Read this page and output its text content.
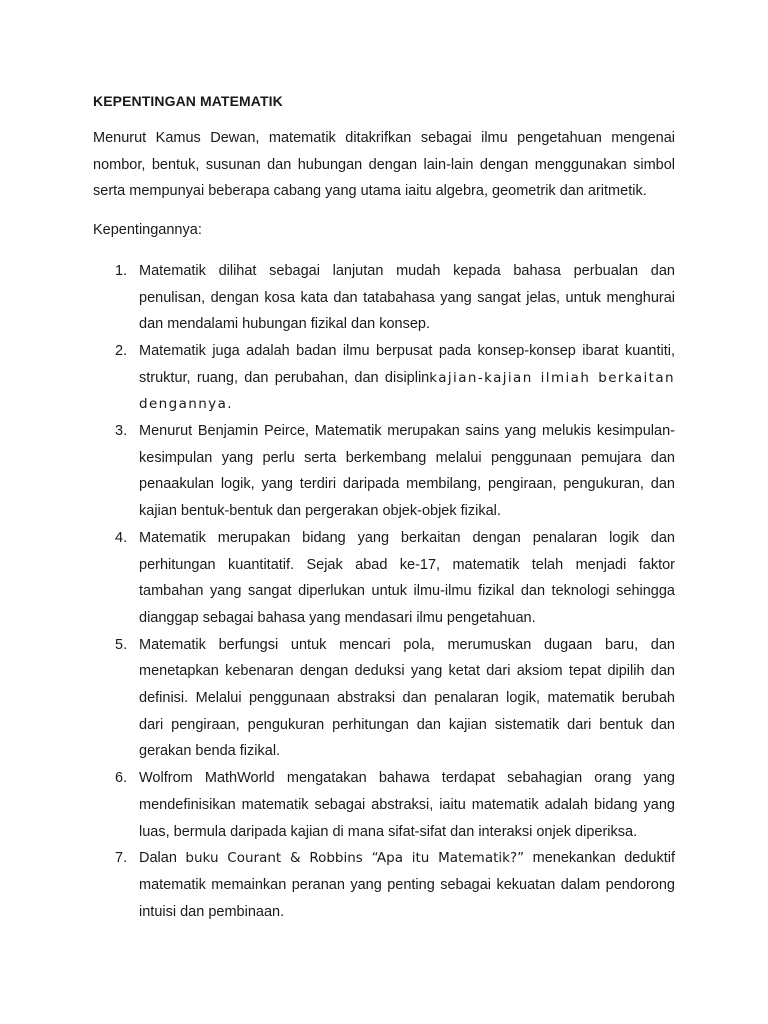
KEPENTINGAN MATEMATIK

Menurut Kamus Dewan, matematik ditakrifkan sebagai ilmu pengetahuan mengenai nombor, bentuk, susunan dan hubungan dengan lain-lain dengan menggunakan simbol serta mempunyai beberapa cabang yang utama iaitu algebra, geometrik dan aritmetik.

Kepentingannya:

1. Matematik dilihat sebagai lanjutan mudah kepada bahasa perbualan dan penulisan, dengan kosa kata dan tatabahasa yang sangat jelas, untuk menghurai dan mendalami hubungan fizikal dan konsep.
2. Matematik juga adalah badan ilmu berpusat pada konsep-konsep ibarat kuantiti, struktur, ruang, dan perubahan, dan disiplinkajian-kajian ilmiah berkaitan dengannya.
3. Menurut Benjamin Peirce, Matematik merupakan sains yang melukis kesimpulan-kesimpulan yang perlu serta berkembang melalui penggunaan pemujara dan penaakulan logik, yang terdiri daripada membilang, pengiraan, pengukuran, dan kajian bentuk-bentuk dan pergerakan objek-objek fizikal.
4. Matematik merupakan bidang yang berkaitan dengan penalaran logik dan perhitungan kuantitatif. Sejak abad ke-17, matematik telah menjadi faktor tambahan yang sangat diperlukan untuk ilmu-ilmu fizikal dan teknologi sehingga dianggap sebagai bahasa yang mendasari ilmu pengetahuan.
5. Matematik berfungsi untuk mencari pola, merumuskan dugaan baru, dan menetapkan kebenaran dengan deduksi yang ketat dari aksiom tepat dipilih dan definisi. Melalui penggunaan abstraksi dan penalaran logik, matematik berubah dari pengiraan, pengukuran perhitungan dan kajian sistematik dari bentuk dan gerakan benda fizikal.
6. Wolfrom MathWorld mengatakan bahawa terdapat sebahagian orang yang mendefinisikan matematik sebagai abstraksi, iaitu matematik adalah bidang yang luas, bermula daripada kajian di mana sifat-sifat dan interaksi onjek diperiksa.
7. Dalan buku Courant & Robbins “Apa itu Matematik?” menekankan deduktif matematik memainkan peranan yang penting sebagai kekuatan dalam pendorong intuisi dan pembinaan.
